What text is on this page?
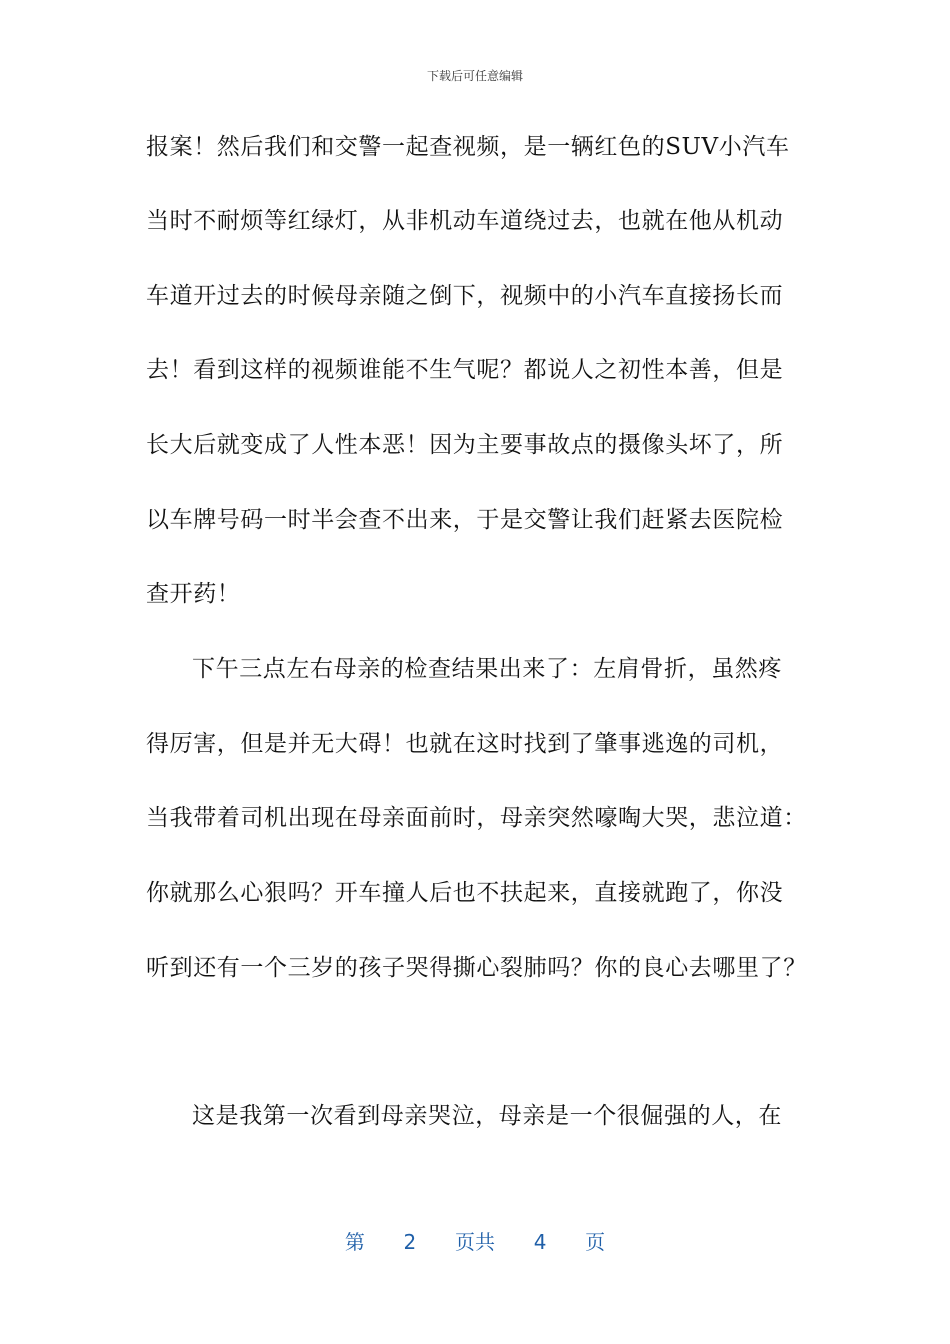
下载后可任意编辑
报案！然后我们和交警一起查视频，是一辆红色的SUV小汽车
当时不耐烦等红绿灯，从非机动车道绕过去，也就在他从机动
车道开过去的时候母亲随之倒下，视频中的小汽车直接扬长而
去！看到这样的视频谁能不生气呢？都说人之初性本善，但是
长大后就变成了人性本恶！因为主要事故点的摄像头坏了，所
以车牌号码一时半会查不出来，于是交警让我们赶紧去医院检
查开药！
下午三点左右母亲的检查结果出来了：左肩骨折，虽然疼
得厉害，但是并无大碍！也就在这时找到了肇事逃逸的司机，
当我带着司机出现在母亲面前时，母亲突然嚎啕大哭，悲泣道：
你就那么心狠吗？开车撞人后也不扶起来，直接就跑了，你没
听到还有一个三岁的孩子哭得撕心裂肺吗？你的良心去哪里了？
这是我第一次看到母亲哭泣，母亲是一个很倔强的人，在
第 2 页共 4 页
